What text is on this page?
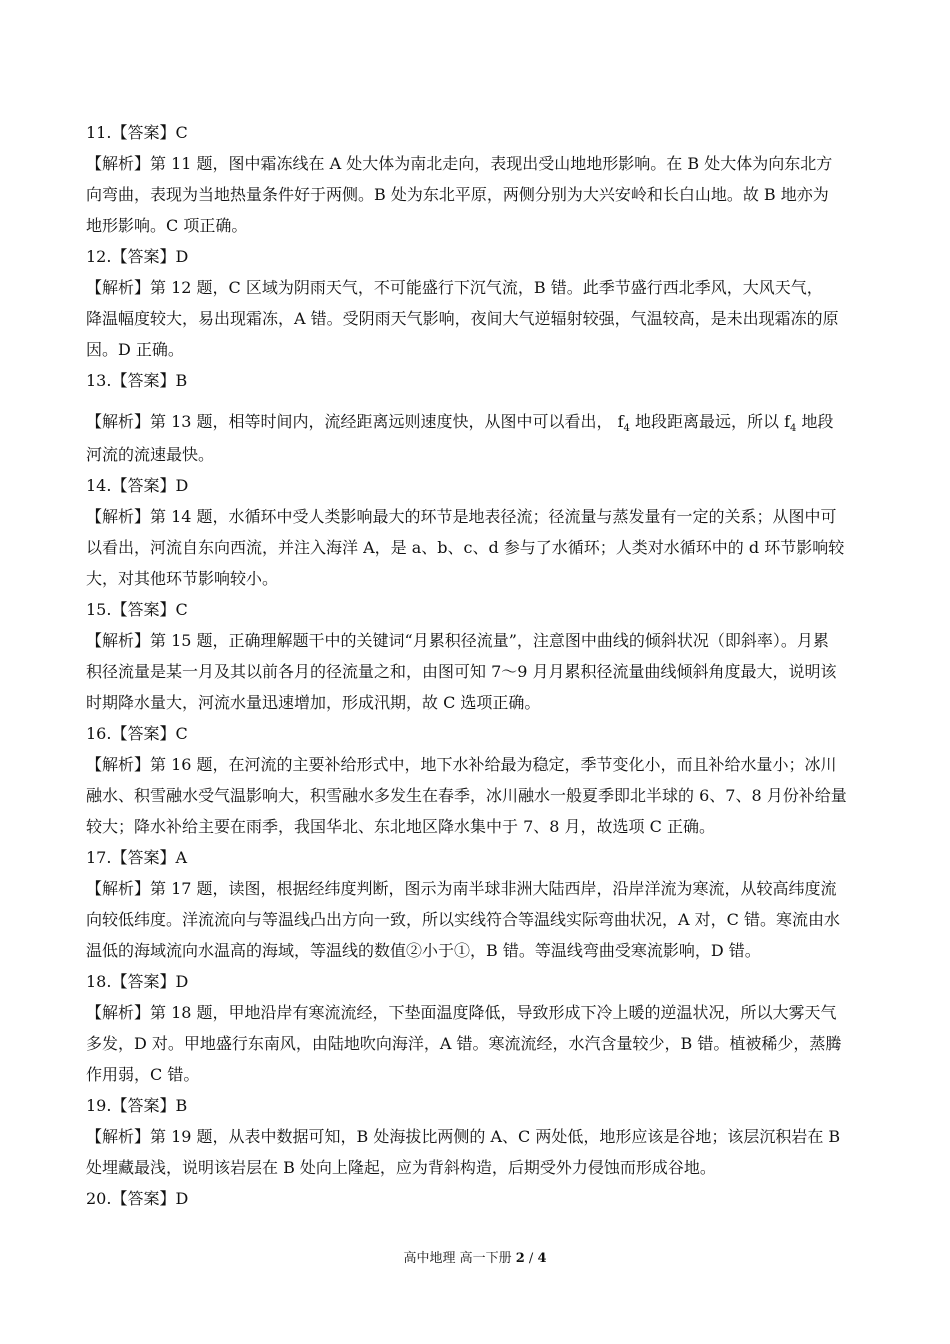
11.【答案】C
【解析】第 11 题，图中霜冻线在 A 处大体为南北走向，表现出受山地地形影响。在 B 处大体为向东北方
向弯曲，表现为当地热量条件好于两侧。B 处为东北平原，两侧分别为大兴安岭和长白山地。故 B 地亦为
地形影响。C 项正确。
12.【答案】D
【解析】第 12 题，C 区域为阴雨天气，不可能盛行下沉气流，B 错。此季节盛行西北季风，大风天气，
降温幅度较大，易出现霜冻，A 错。受阴雨天气影响，夜间大气逆辐射较强，气温较高，是未出现霜冻的原
因。D 正确。
13.【答案】B
【解析】第 13 题，相等时间内，流经距离远则速度快，从图中可以看出， $f_4$ 地段距离最远，所以 $f_4$ 地段
河流的流速最快。
14.【答案】D
【解析】第 14 题，水循环中受人类影响最大的环节是地表径流；径流量与蒸发量有一定的关系；从图中可
以看出，河流自东向西流，并注入海洋 A，是 a、b、c、d 参与了水循环；人类对水循环中的 d 环节影响较
大，对其他环节影响较小。
15.【答案】C
【解析】第 15 题，正确理解题干中的关键词“月累积径流量”，注意图中曲线的倾斜状况（即斜率）。月累
积径流量是某一月及其以前各月的径流量之和，由图可知 7～9 月月累积径流量曲线倾斜角度最大，说明该
时期降水量大，河流水量迅速增加，形成汛期，故 C 选项正确。
16.【答案】C
【解析】第 16 题，在河流的主要补给形式中，地下水补给最为稳定，季节变化小，而且补给水量小；冰川
融水、积雪融水受气温影响大，积雪融水多发生在春季，冰川融水一般夏季即北半球的 6、7、8 月份补给量
较大；降水补给主要在雨季，我国华北、东北地区降水集中于 7、8 月，故选项 C 正确。
17.【答案】A
【解析】第 17 题，读图，根据经纬度判断，图示为南半球非洲大陆西岸，沿岸洋流为寒流，从较高纬度流
向较低纬度。洋流流向与等温线凸出方向一致，所以实线符合等温线实际弯曲状况，A 对，C 错。寒流由水
温低的海域流向水温高的海域，等温线的数值②小于①，B 错。等温线弯曲受寒流影响，D 错。
18.【答案】D
【解析】第 18 题，甲地沿岸有寒流流经，下垫面温度降低，导致形成下冷上暖的逆温状况，所以大雾天气
多发，D 对。甲地盛行东南风，由陆地吹向海洋，A 错。寒流流经，水汽含量较少，B 错。植被稀少，蒸腾
作用弱，C 错。
19.【答案】B
【解析】第 19 题，从表中数据可知，B 处海拔比两侧的 A、C 两处低，地形应该是谷地；该层沉积岩在 B
处埋藏最浅，说明该岩层在 B 处向上隆起，应为背斜构造，后期受外力侵蚀而形成谷地。
20.【答案】D
高中地理 高一下册 2 / 4
